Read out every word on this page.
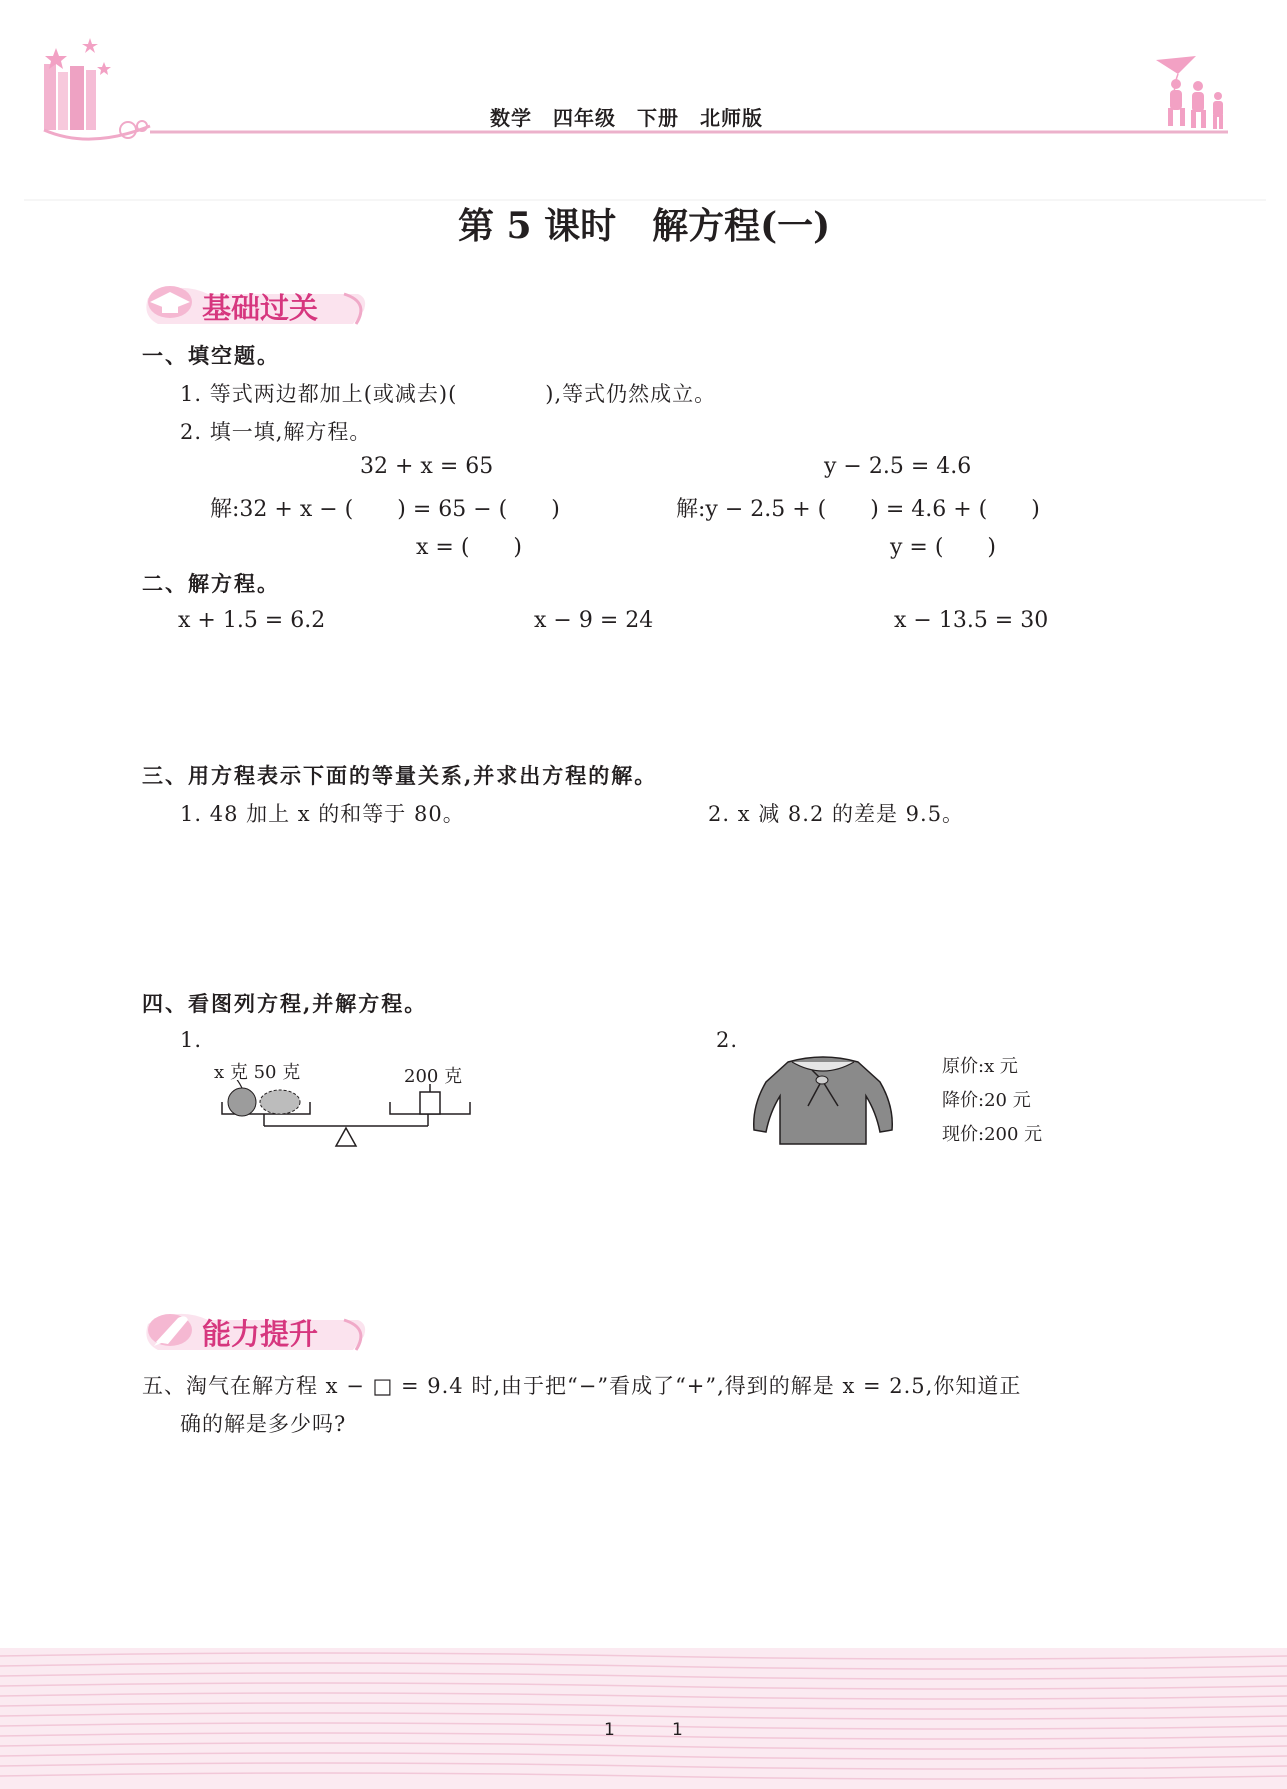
数学　四年级　下册　北师版
第 5 课时　解方程(一)
基础过关
一、填空题。
1. 等式两边都加上(或减去)(　　　　),等式仍然成立。
2. 填一填,解方程。
32 + x = 65
解:32 + x − (　　) = 65 − (　　)
x = (　　)
y − 2.5 = 4.6
解:y − 2.5 + (　　) = 4.6 + (　　)
y = (　　)
二、解方程。
x + 1.5 = 6.2	x − 9 = 24	x − 13.5 = 30
三、用方程表示下面的等量关系,并求出方程的解。
1. 48 加上 x 的和等于 80。	2. x 减 8.2 的差是 9.5。
四、看图列方程,并解方程。
1.	2.
x 克 50 克	200 克	原价:x 元
降价:20 元
现价:200 元
能力提升
五、淘气在解方程 x − □ = 9.4 时,由于把“−”看成了“+”,得到的解是 x = 2.5,你知道正
确的解是多少吗?
1	1
